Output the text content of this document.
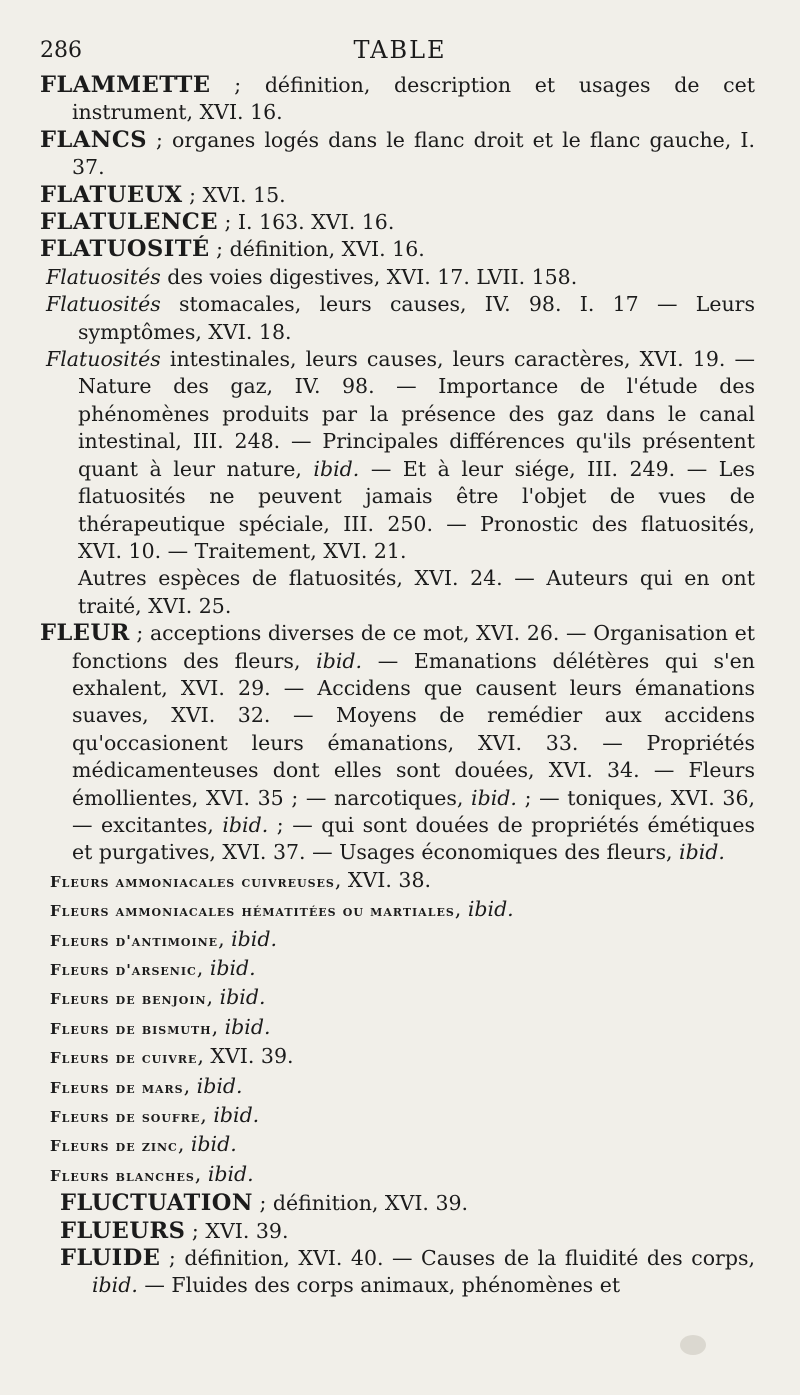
286	TABLE

FLAMMETTE ; définition, description et usages de cet instrument, XVI. 16.

FLANCS ; organes logés dans le flanc droit et le flanc gauche, I. 37.

FLATUEUX ; XVI. 15.

FLATULENCE ; I. 163. XVI. 16.

FLATUOSITÉ ; définition, XVI. 16.

Flatuosités des voies digestives, XVI. 17. LVII. 158.

Flatuosités stomacales, leurs causes, IV. 98. I. 17 — Leurs symptômes, XVI. 18.

Flatuosités intestinales, leurs causes, leurs caractères, XVI. 19. — Nature des gaz, IV. 98. — Importance de l'étude des phénomènes produits par la présence des gaz dans le canal intestinal, III. 248. — Principales différences qu'ils présentent quant à leur nature, ibid. — Et à leur siége, III. 249. — Les flatuosités ne peuvent jamais être l'objet de vues de thérapeutique spéciale, III. 250. — Pronostic des flatuosités, XVI. 10. — Traitement, XVI. 21.

Autres espèces de flatuosités, XVI. 24. — Auteurs qui en ont traité, XVI. 25.

FLEUR ; acceptions diverses de ce mot, XVI. 26. — Organisation et fonctions des fleurs, ibid. — Emanations délétères qui s'en exhalent, XVI. 29. — Accidens que causent leurs émanations suaves, XVI. 32. — Moyens de remédier aux accidens qu'occasionent leurs émanations, XVI. 33. — Propriétés médicamenteuses dont elles sont douées, XVI. 34. — Fleurs émollientes, XVI. 35 ; — narcotiques, ibid. ; — toniques, XVI. 36, — excitantes, ibid. ; — qui sont douées de propriétés émétiques et purgatives, XVI. 37. — Usages économiques des fleurs, ibid.

Fleurs ammoniacales cuivreuses, XVI. 38.

Fleurs ammoniacales hématitées ou martiales, ibid.

Fleurs d'antimoine, ibid.

Fleurs d'arsenic, ibid.

Fleurs de benjoin, ibid.

Fleurs de bismuth, ibid.

Fleurs de cuivre, XVI. 39.

Fleurs de mars, ibid.

Fleurs de soufre, ibid.

Fleurs de zinc, ibid.

Fleurs blanches, ibid.

FLUCTUATION ; définition, XVI. 39.

FLUEURS ; XVI. 39.

FLUIDE ; définition, XVI. 40. — Causes de la fluidité des corps, ibid. — Fluides des corps animaux, phénomènes et
